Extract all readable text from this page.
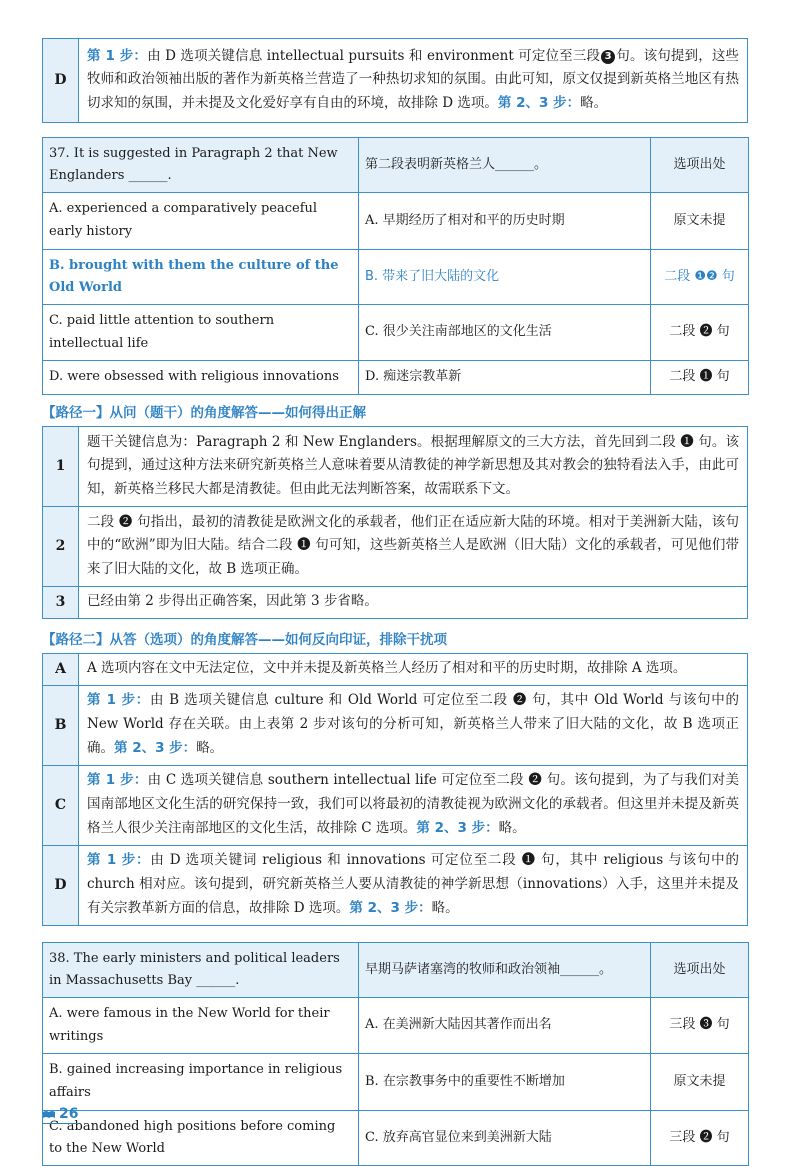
D	第 1 步：由 D 选项关键信息 intellectual pursuits 和 environment 可定位至三段 3 句。该句提到，这些牧师和政治领袖出版的著作为新英格兰营造了一种热切求知的氛围。由此可知，原文仅提到新英格兰地区有热切求知的氛围，并未提及文化爱好享有自由的环境，故排除 D 选项。第 2、3 步：略。
37. It is suggested in Paragraph 2 that New Englanders ______.	第二段表明新英格兰人______。	选项出处
A. experienced a comparatively peaceful early history	A. 早期经历了相对和平的历史时期	原文未提
B. brought with them the culture of the Old World	B. 带来了旧大陆的文化	二段 ❶❷ 句
C. paid little attention to southern intellectual life	C. 很少关注南部地区的文化生活	二段 ❷ 句
D. were obsessed with religious innovations	D. 痴迷宗教革新	二段 ❶ 句
【路径一】从问（题干）的角度解答——如何得出正解
1	题干关键信息为：Paragraph 2 和 New Englanders。根据理解原文的三大方法，首先回到二段 ❶ 句。该句提到，通过这种方法来研究新英格兰人意味着要从清教徒的神学新思想及其对教会的独特看法入手，由此可知，新英格兰移民大都是清教徒。但由此无法判断答案，故需联系下文。
2	二段 ❷ 句指出，最初的清教徒是欧洲文化的承载者，他们正在适应新大陆的环境。相对于美洲新大陆，该句中的“欧洲”即为旧大陆。结合二段 ❶ 句可知，这些新英格兰人是欧洲（旧大陆）文化的承载者，可见他们带来了旧大陆的文化，故 B 选项正确。
3	已经由第 2 步得出正确答案，因此第 3 步省略。
【路径二】从答（选项）的角度解答——如何反向印证，排除干扰项
A	A 选项内容在文中无法定位，文中并未提及新英格兰人经历了相对和平的历史时期，故排除 A 选项。
B	第 1 步：由 B 选项关键信息 culture 和 Old World 可定位至二段 ❷ 句，其中 Old World 与该句中的 New World 存在关联。由上表第 2 步对该句的分析可知，新英格兰人带来了旧大陆的文化，故 B 选项正确。第 2、3 步：略。
C	第 1 步：由 C 选项关键信息 southern intellectual life 可定位至二段 ❷ 句。该句提到，为了与我们对美国南部地区文化生活的研究保持一致，我们可以将最初的清教徒视为欧洲文化的承载者。但这里并未提及新英格兰人很少关注南部地区的文化生活，故排除 C 选项。第 2、3 步：略。
D	第 1 步：由 D 选项关键词 religious 和 innovations 可定位至二段 ❶ 句，其中 religious 与该句中的 church 相对应。该句提到，研究新英格兰人要从清教徒的神学新思想（innovations）入手，这里并未提及有关宗教革新方面的信息，故排除 D 选项。第 2、3 步：略。
38. The early ministers and political leaders in Massachusetts Bay ______.	早期马萨诸塞湾的牧师和政治领袖______。	选项出处
A. were famous in the New World for their writings	A. 在美洲新大陆因其著作而出名	三段 ❸ 句
B. gained increasing importance in religious affairs	B. 在宗教事务中的重要性不断增加	原文未提
C. abandoned high positions before coming to the New World	C. 放弃高官显位来到美洲新大陆	三段 ❷ 句
26
